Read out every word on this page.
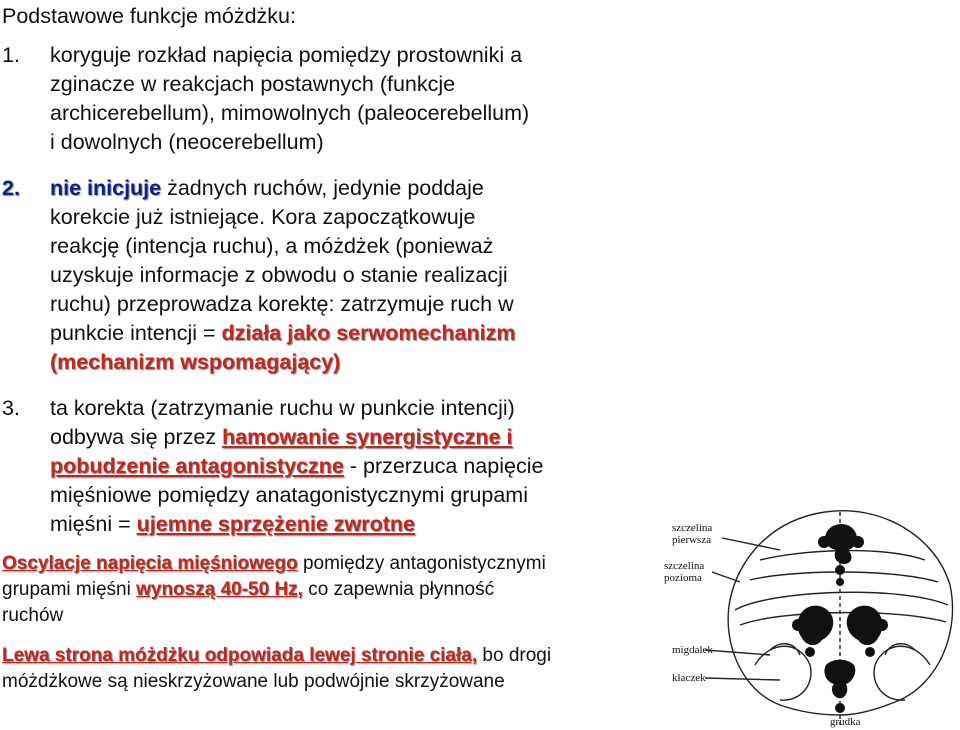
Podstawowe funkcje móżdżku:
1. koryguje rozkład napięcia pomiędzy prostowniki a
zginacze w reakcjach postawnych (funkcje
archicerebellum), mimowolnych (paleocerebellum)
i dowolnych (neocerebellum)
2. nie inicjuje żadnych ruchów, jedynie poddaje
korekcie już istniejące. Kora zapoczątkowuje
reakcję (intencja ruchu), a móżdżek (ponieważ
uzyskuje informacje z obwodu o stanie realizacji
ruchu) przeprowadza korektę: zatrzymuje ruch w
punkcie intencji = działa jako serwomechanizm
(mechanizm wspomagający)
3. ta korekta (zatrzymanie ruchu w punkcie intencji)
odbywa się przez hamowanie synergistyczne i
pobudzenie antagonistyczne - przerzuca napięcie
mięśniowe pomiędzy anatagonistycznymi grupami
mięśni = ujemne sprzężenie zwrotne
Oscylacje napięcia mięśniowego pomiędzy antagonistycznymi
grupami mięśni wynoszą 40-50 Hz, co zapewnia płynność
ruchów
Lewa strona móżdżku odpowiada lewej stronie ciała, bo drogi
móżdżkowe są nieskrzyżowane lub podwójnie skrzyżowane
szczelina
pierwsza
szczelina
pozioma
migdałek
kłaczek
grudka
